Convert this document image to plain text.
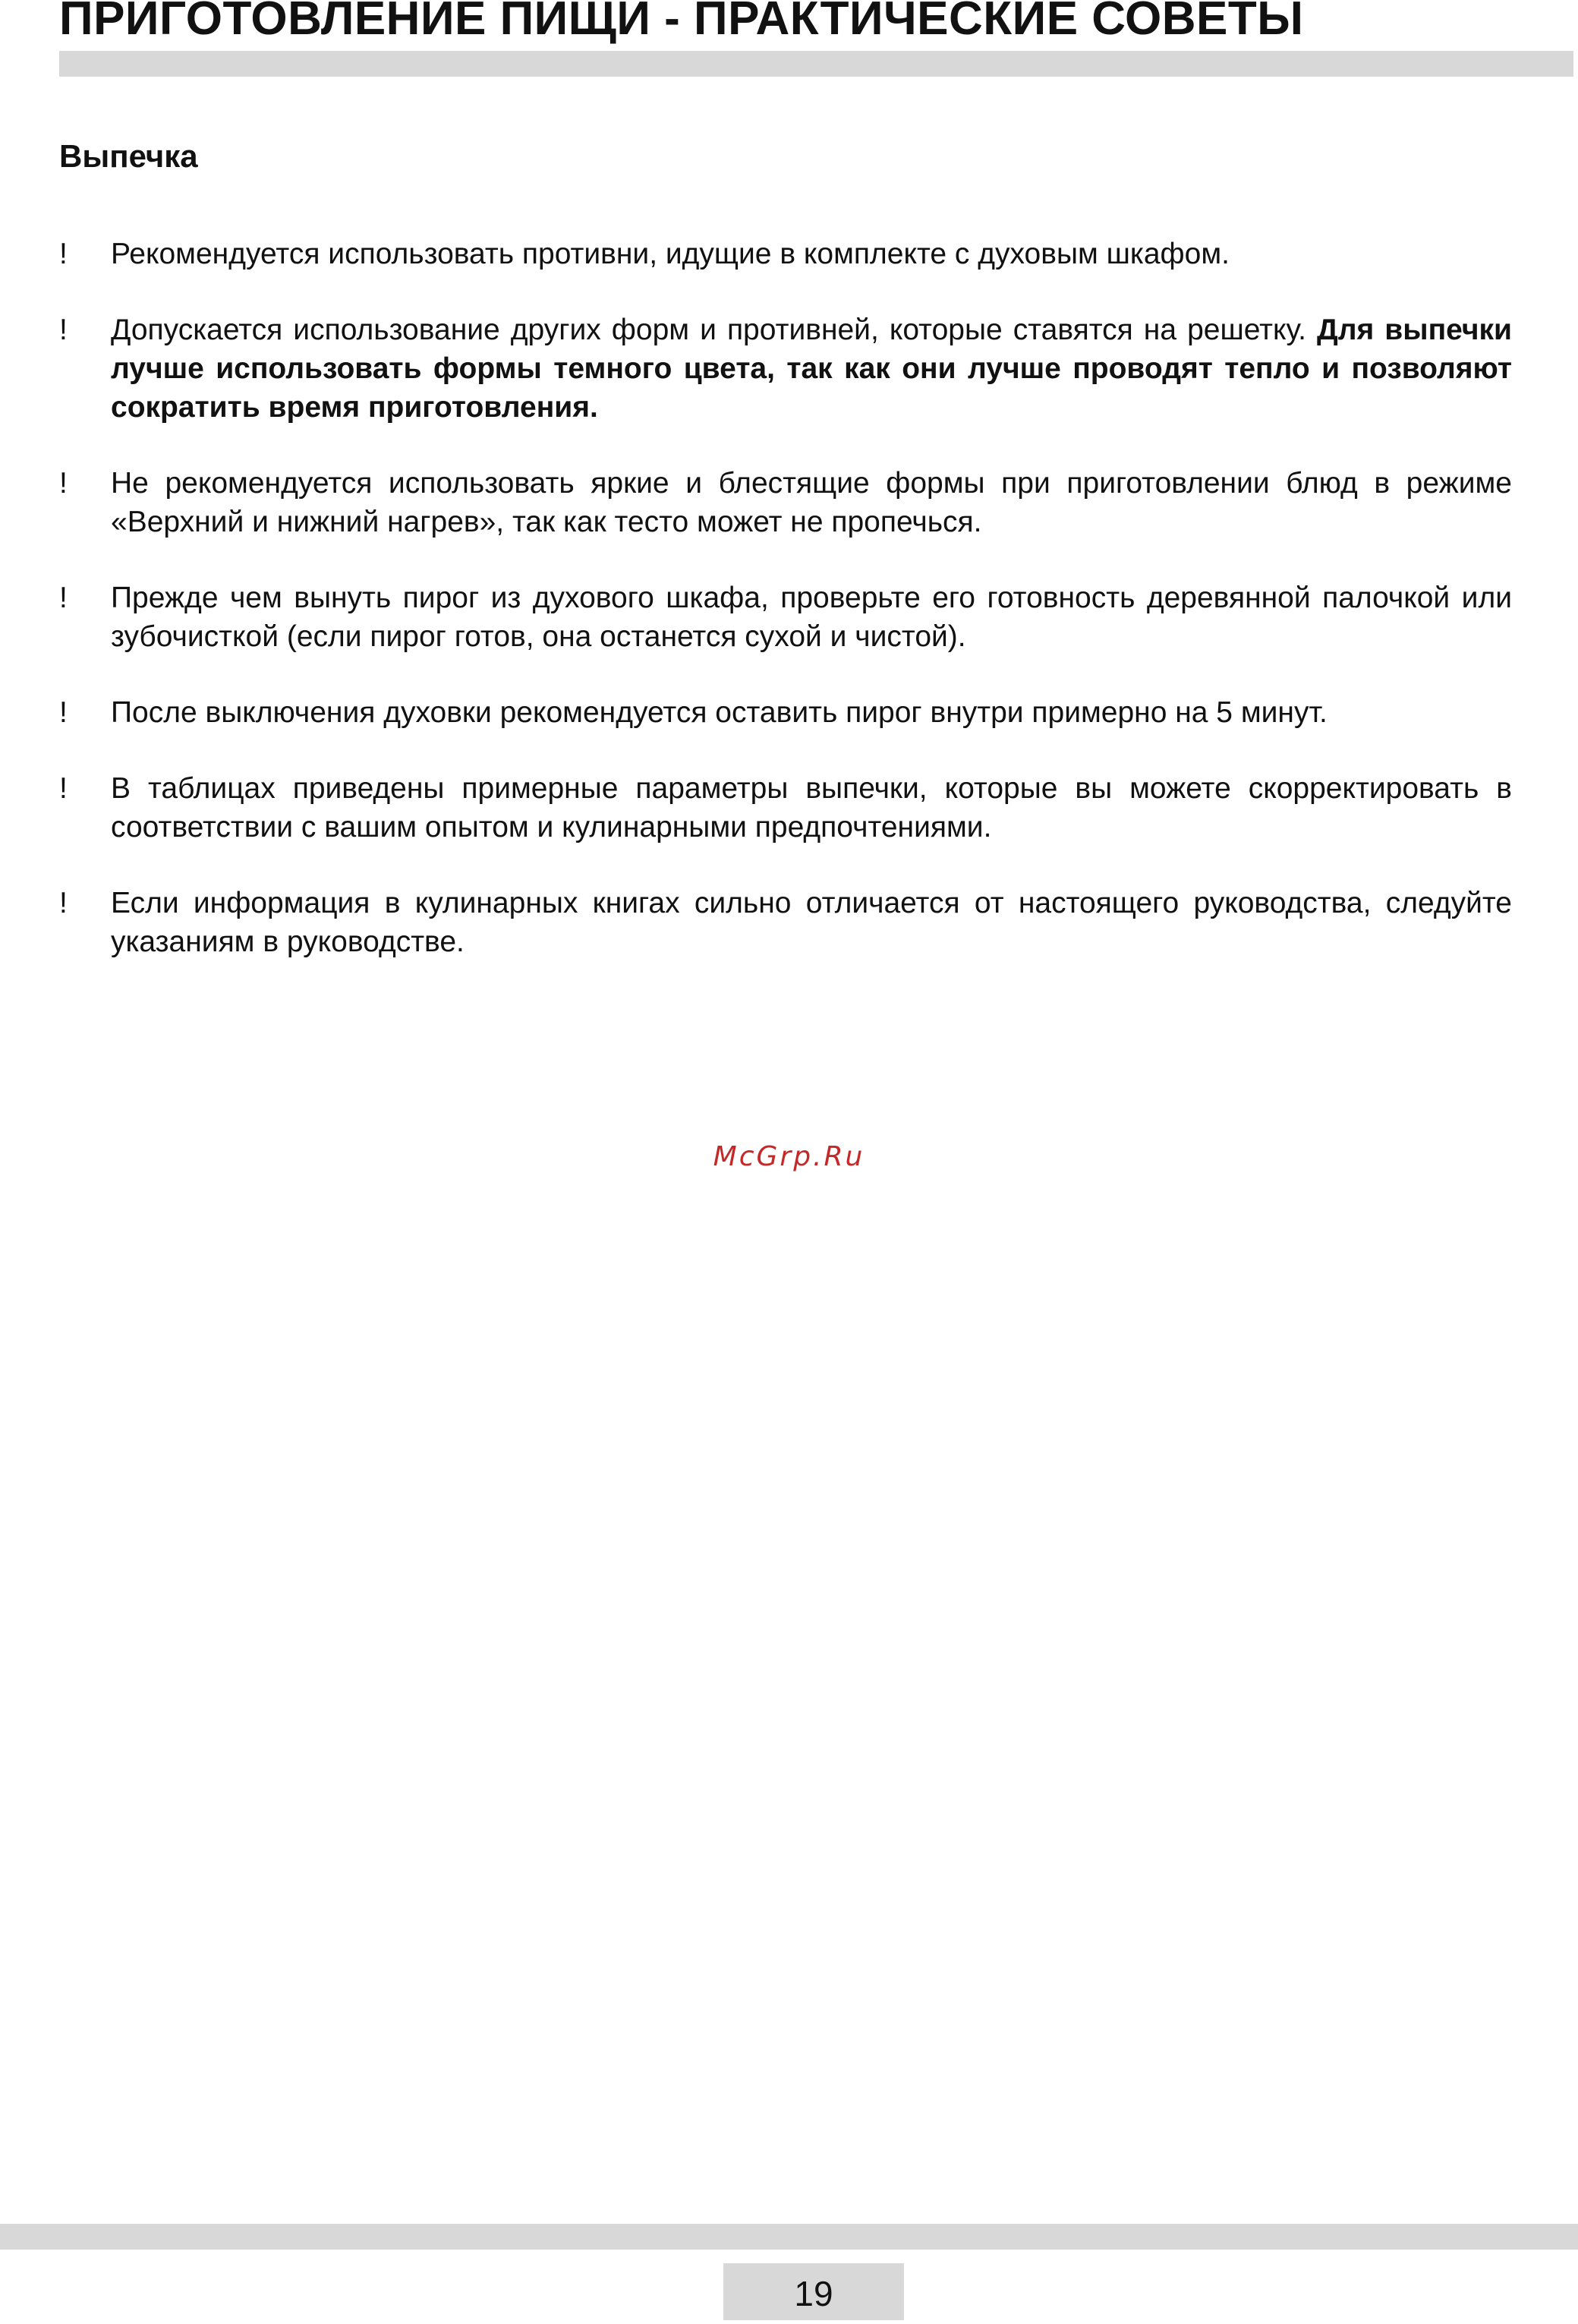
ПРИГОТОВЛЕНИЕ ПИЩИ - ПРАКТИЧЕСКИЕ СОВЕТЫ
Выпечка
!	Рекомендуется использовать противни, идущие в комплекте с духовым шкафом.
!	Допускается использование других форм и противней, которые ставятся на решетку. Для выпечки лучше использовать формы темного цвета, так как они лучше проводят тепло и позволяют сократить время приготовления.
!	Не рекомендуется использовать яркие и блестящие формы при приготовлении блюд в режиме «Верхний и нижний нагрев», так как тесто может не пропечься.
!	Прежде чем вынуть пирог из духового шкафа, проверьте его готовность деревянной палочкой или зубочисткой (если пирог готов, она останется сухой и чистой).
!	После выключения духовки рекомендуется оставить пирог внутри примерно на 5 минут.
!	В таблицах приведены примерные параметры выпечки, которые вы можете скорректировать в соответствии с вашим опытом и кулинарными предпочтениями.
!	Если информация в кулинарных книгах сильно отличается от настоящего руководства, следуйте указаниям в руководстве.
McGrp.Ru
19
